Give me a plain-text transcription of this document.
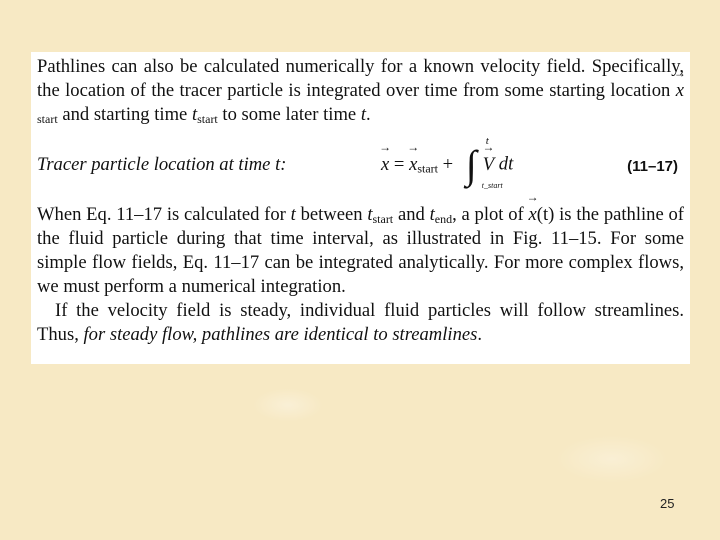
Pathlines can also be calculated numerically for a known velocity field. Specifically, the location of the tracer particle is integrated over time from some starting location → $x_{start}$ and starting time $t_{start}$ to some later time t.

Tracer particle location at time t:
→	x = → $x_{start}$ + ∫
t
t_start
→ V dt	(11–17)

When Eq. 11–17 is calculated for t between $t_{start}$ and $t_{end}$, a plot of → x(t) is the pathline of the fluid particle during that time interval, as illustrated in Fig. 11–15. For some simple flow fields, Eq. 11–17 can be integrated analytically. For more complex flows, we must perform a numerical integration.

If the velocity field is steady, individual fluid particles will follow streamlines. Thus, for steady flow, pathlines are identical to streamlines.

25
